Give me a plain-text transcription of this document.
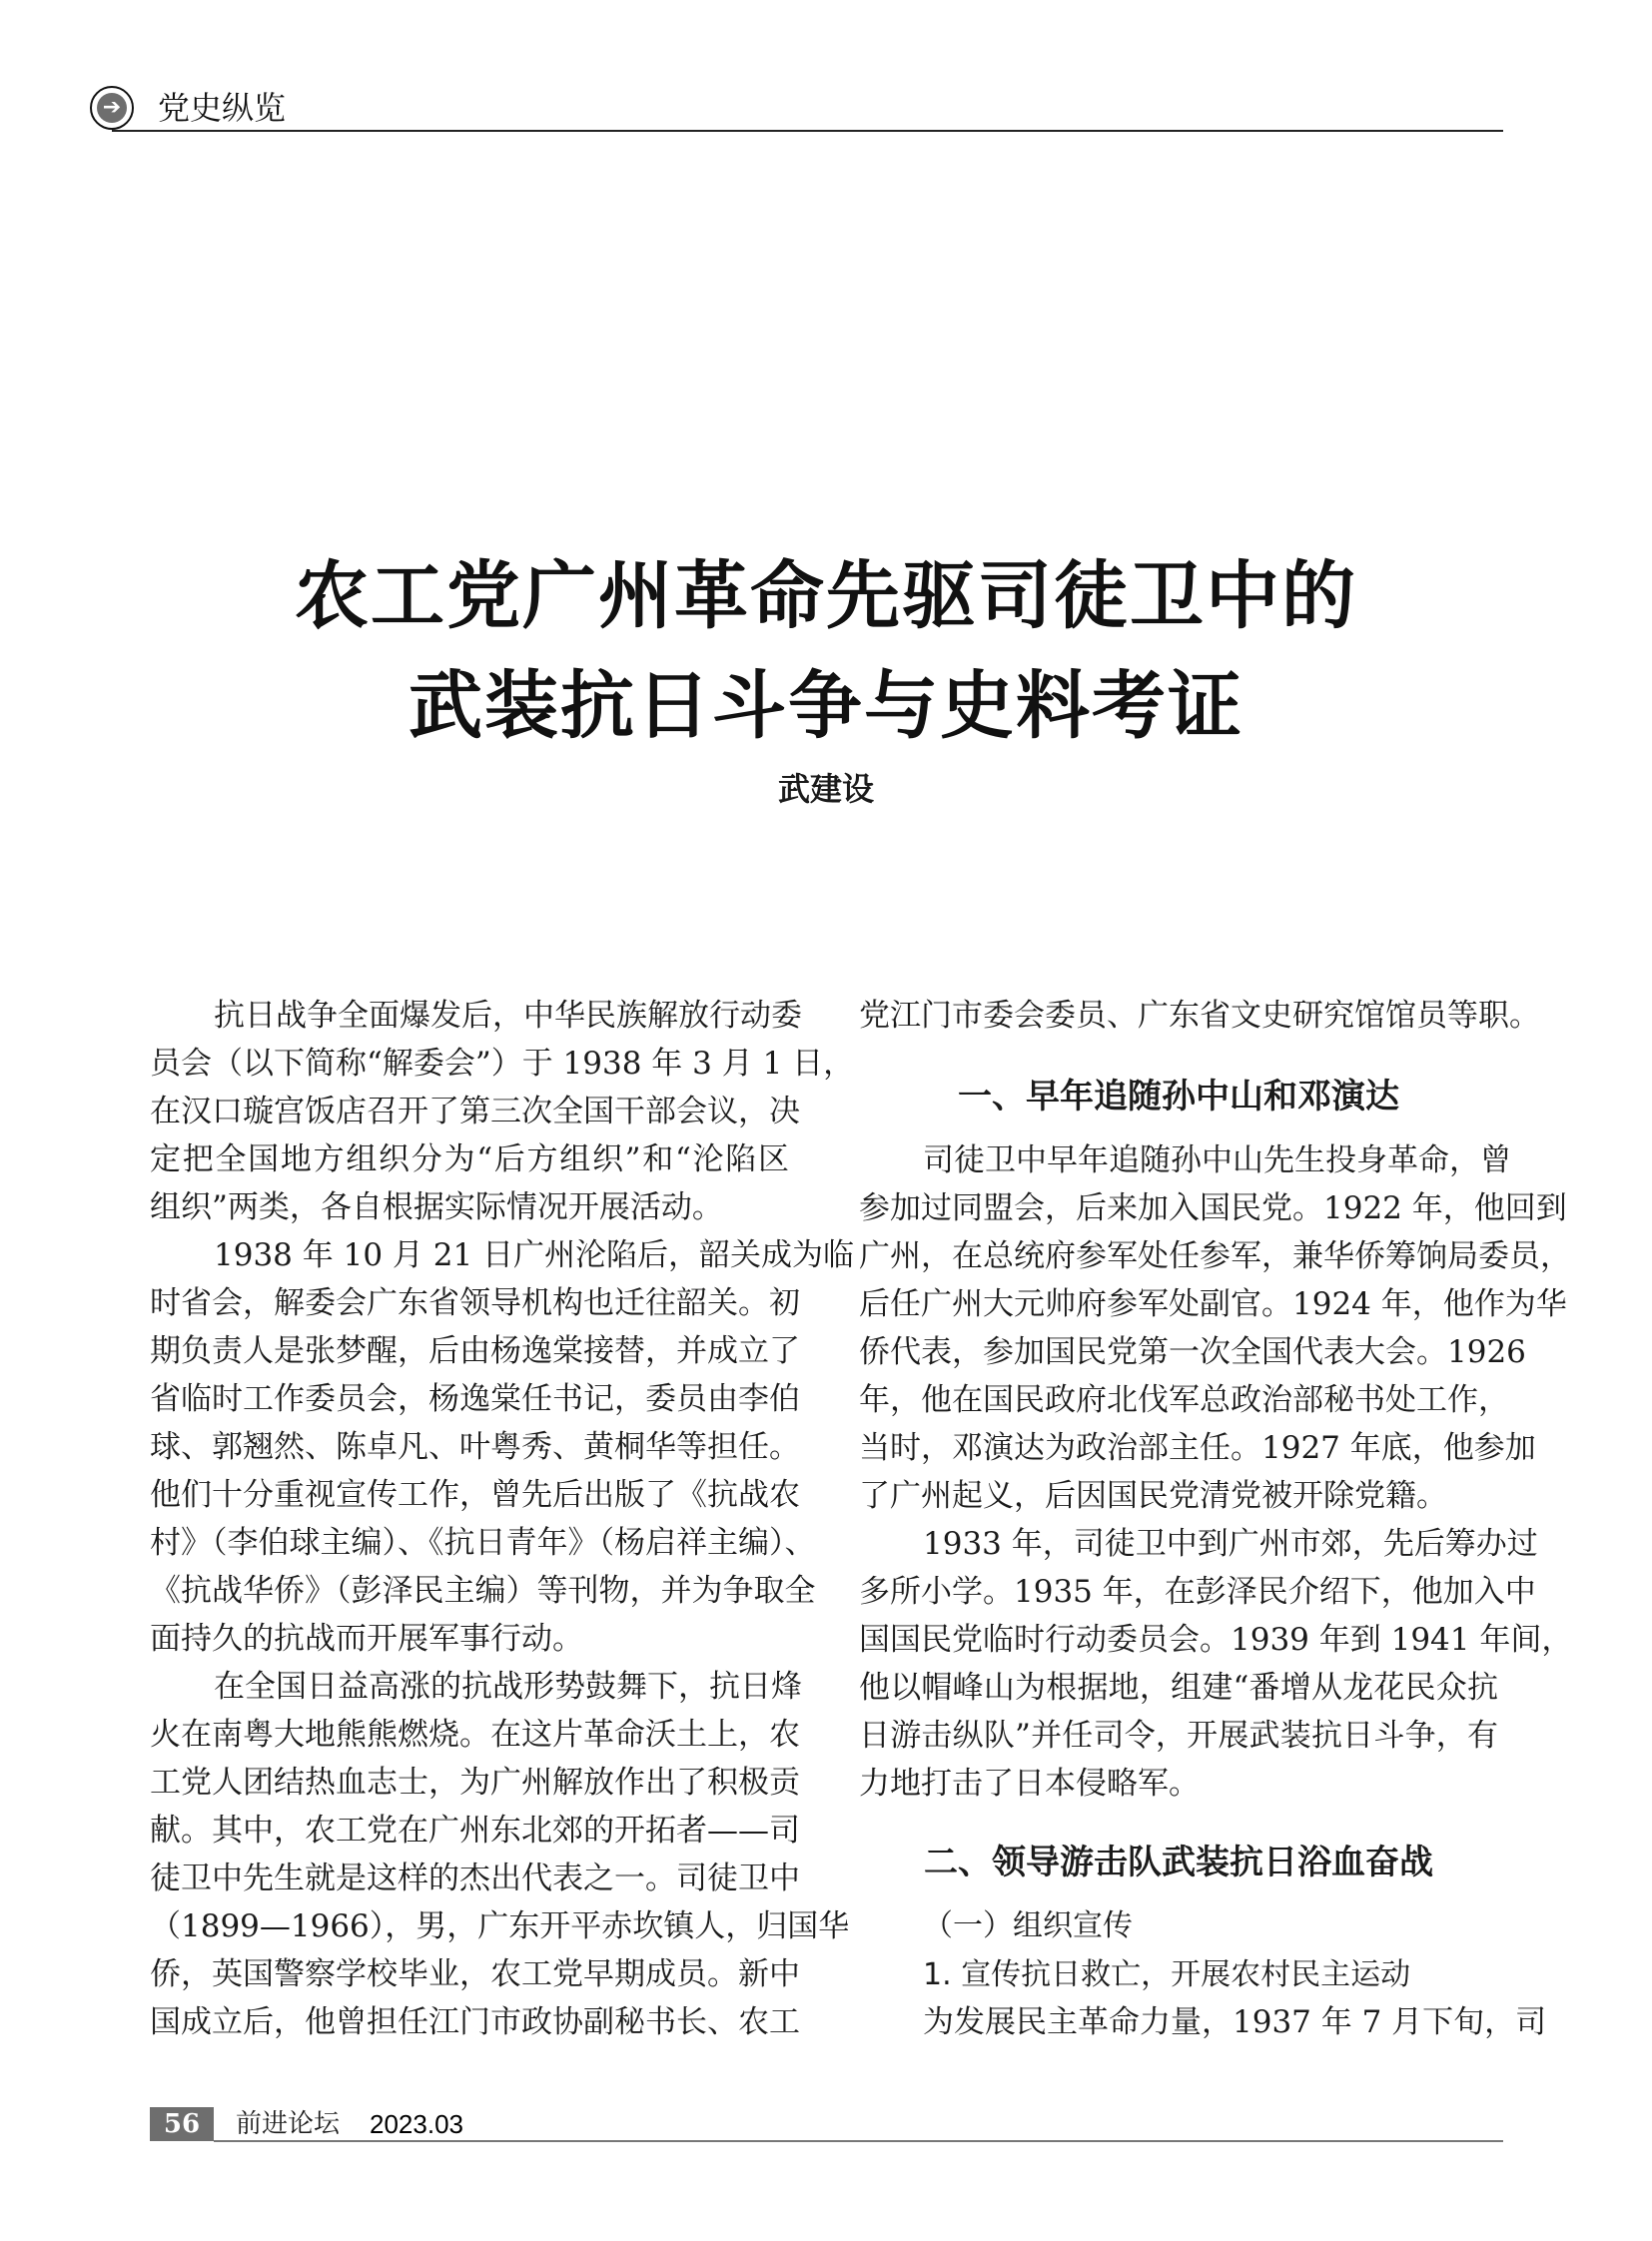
➔ 党史纵览
农工党广州革命先驱司徒卫中的
武装抗日斗争与史料考证
武建设
抗日战争全面爆发后，中华民族解放行动委
员会（以下简称“解委会”）于 1938 年 3 月 1 日，
在汉口璇宫饭店召开了第三次全国干部会议，决
定把全国地方组织分为“后方组织”和“沦陷区
组织”两类，各自根据实际情况开展活动。
1938 年 10 月 21 日广州沦陷后，韶关成为临
时省会，解委会广东省领导机构也迁往韶关。初
期负责人是张梦醒，后由杨逸棠接替，并成立了
省临时工作委员会，杨逸棠任书记，委员由李伯
球、郭翘然、陈卓凡、叶粤秀、黄桐华等担任。
他们十分重视宣传工作，曾先后出版了《抗战农
村》（李伯球主编）、《抗日青年》（杨启祥主编）、
《抗战华侨》（彭泽民主编）等刊物，并为争取全
面持久的抗战而开展军事行动。
在全国日益高涨的抗战形势鼓舞下，抗日烽
火在南粤大地熊熊燃烧。在这片革命沃土上，农
工党人团结热血志士，为广州解放作出了积极贡
献。其中，农工党在广州东北郊的开拓者——司
徒卫中先生就是这样的杰出代表之一。司徒卫中
（1899—1966），男，广东开平赤坎镇人，归国华
侨，英国警察学校毕业，农工党早期成员。新中
国成立后，他曾担任江门市政协副秘书长、农工
党江门市委会委员、广东省文史研究馆馆员等职。
一、早年追随孙中山和邓演达
司徒卫中早年追随孙中山先生投身革命，曾
参加过同盟会，后来加入国民党。1922 年，他回到
广州，在总统府参军处任参军，兼华侨筹饷局委员，
后任广州大元帅府参军处副官。1924 年，他作为华
侨代表，参加国民党第一次全国代表大会。1926
年，他在国民政府北伐军总政治部秘书处工作，
当时，邓演达为政治部主任。1927 年底，他参加
了广州起义，后因国民党清党被开除党籍。
1933 年，司徒卫中到广州市郊，先后筹办过
多所小学。1935 年，在彭泽民介绍下，他加入中
国国民党临时行动委员会。1939 年到 1941 年间，
他以帽峰山为根据地，组建“番增从龙花民众抗
日游击纵队”并任司令，开展武装抗日斗争，有
力地打击了日本侵略军。
二、领导游击队武装抗日浴血奋战
（一）组织宣传
1. 宣传抗日救亡，开展农村民主运动
为发展民主革命力量，1937 年 7 月下旬，司
56	前进论坛 2023.03
